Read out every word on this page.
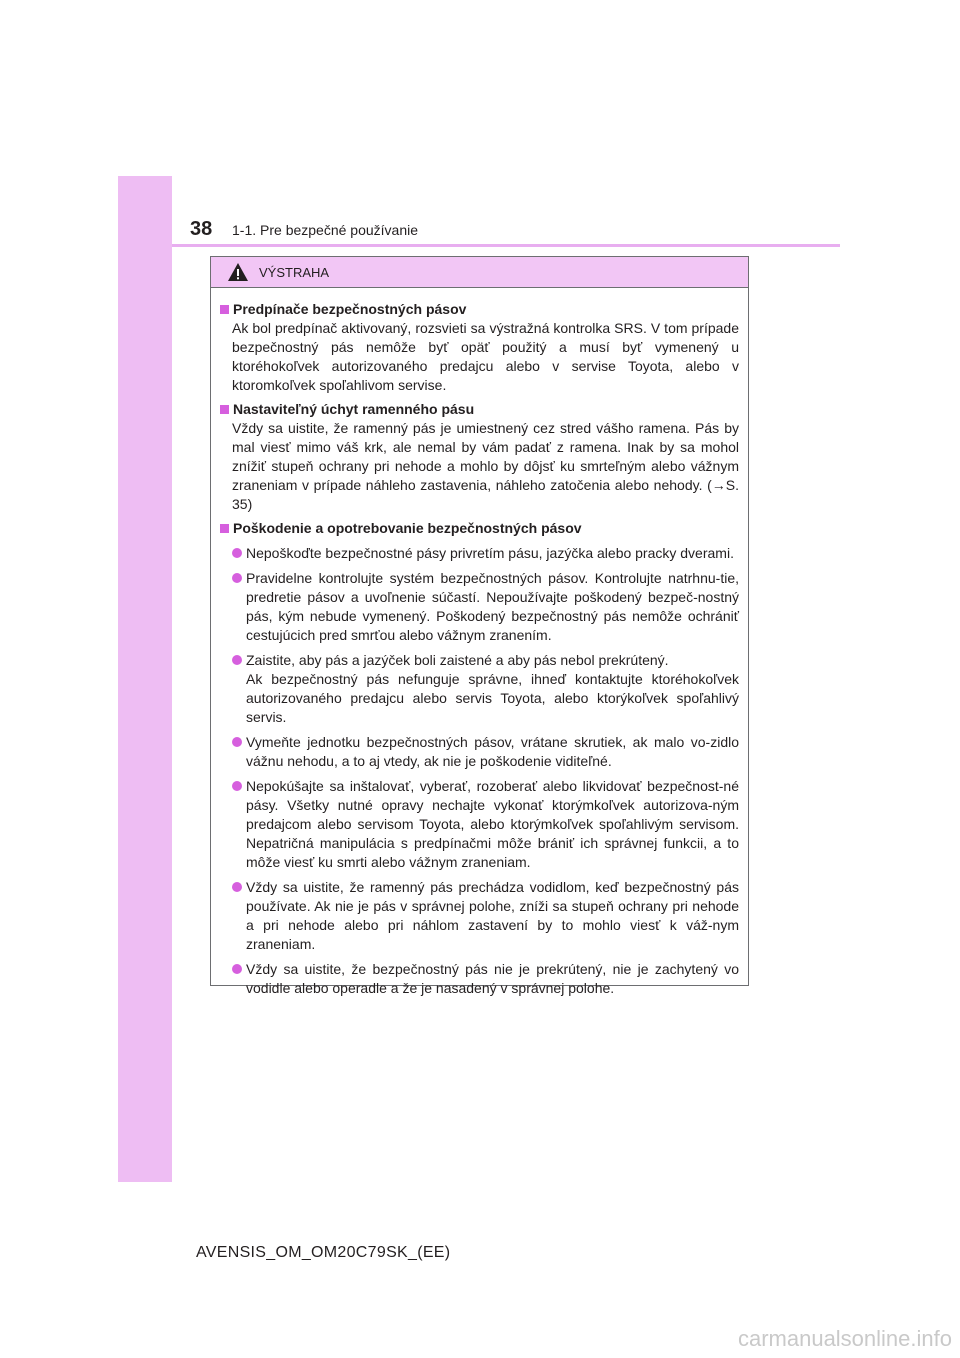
38 1-1. Pre bezpečné používanie
VÝSTRAHA
Predpínače bezpečnostných pásov
Ak bol predpínač aktivovaný, rozsvieti sa výstražná kontrolka SRS. V tom prípade bezpečnostný pás nemôže byť opäť použitý a musí byť vymenený u ktoréhokoľvek autorizovaného predajcu alebo v servise Toyota, alebo v ktoromkoľvek spoľahlivom servise.
Nastaviteľný úchyt ramenného pásu
Vždy sa uistite, že ramenný pás je umiestnený cez stred vášho ramena. Pás by mal viesť mimo váš krk, ale nemal by vám padať z ramena. Inak by sa mohol znížiť stupeň ochrany pri nehode a mohlo by dôjsť ku smrteľným alebo vážnym zraneniam v prípade náhleho zastavenia, náhleho zatočenia alebo nehody. (→S. 35)
Poškodenie a opotrebovanie bezpečnostných pásov
Nepoškoďte bezpečnostné pásy privretím pásu, jazýčka alebo pracky dverami.
Pravidelne kontrolujte systém bezpečnostných pásov. Kontrolujte natrhnu-tie, predretie pásov a uvoľnenie súčastí. Nepoužívajte poškodený bezpeč-nostný pás, kým nebude vymenený. Poškodený bezpečnostný pás nemôže ochrániť cestujúcich pred smrťou alebo vážnym zranením.
Zaistite, aby pás a jazýček boli zaistené a aby pás nebol prekrútený.
Ak bezpečnostný pás nefunguje správne, ihneď kontaktujte ktoréhokoľvek autorizovaného predajcu alebo servis Toyota, alebo ktorýkoľvek spoľahlivý servis.
Vymeňte jednotku bezpečnostných pásov, vrátane skrutiek, ak malo vo-zidlo vážnu nehodu, a to aj vtedy, ak nie je poškodenie viditeľné.
Nepokúšajte sa inštalovať, vyberať, rozoberať alebo likvidovať bezpečnost-né pásy. Všetky nutné opravy nechajte vykonať ktorýmkoľvek autorizova-ným predajcom alebo servisom Toyota, alebo ktorýmkoľvek spoľahlivým servisom. Nepatričná manipulácia s predpínačmi môže brániť ich správnej funkcii, a to môže viesť ku smrti alebo vážnym zraneniam.
Vždy sa uistite, že ramenný pás prechádza vodidlom, keď bezpečnostný pás používate. Ak nie je pás v správnej polohe, zníži sa stupeň ochrany pri nehode a pri nehode alebo pri náhlom zastavení by to mohlo viesť k váž-nym zraneniam.
Vždy sa uistite, že bezpečnostný pás nie je prekrútený, nie je zachytený vo vodidle alebo operadle a že je nasadený v správnej polohe.
AVENSIS_OM_OM20C79SK_(EE)
carmanualsonline.info
